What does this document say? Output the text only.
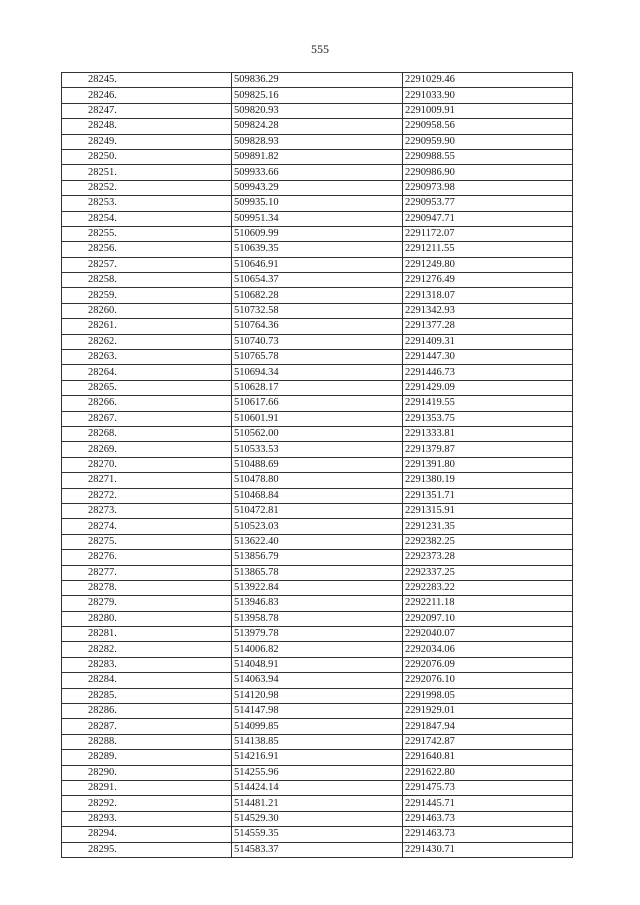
555
28245.	509836.29	2291029.46
28246.	509825.16	2291033.90
28247.	509820.93	2291009.91
28248.	509824.28	2290958.56
28249.	509828.93	2290959.90
28250.	509891.82	2290988.55
28251.	509933.66	2290986.90
28252.	509943.29	2290973.98
28253.	509935.10	2290953.77
28254.	509951.34	2290947.71
28255.	510609.99	2291172.07
28256.	510639.35	2291211.55
28257.	510646.91	2291249.80
28258.	510654.37	2291276.49
28259.	510682.28	2291318.07
28260.	510732.58	2291342.93
28261.	510764.36	2291377.28
28262.	510740.73	2291409.31
28263.	510765.78	2291447.30
28264.	510694.34	2291446.73
28265.	510628.17	2291429.09
28266.	510617.66	2291419.55
28267.	510601.91	2291353.75
28268.	510562.00	2291333.81
28269.	510533.53	2291379.87
28270.	510488.69	2291391.80
28271.	510478.80	2291380.19
28272.	510468.84	2291351.71
28273.	510472.81	2291315.91
28274.	510523.03	2291231.35
28275.	513622.40	2292382.25
28276.	513856.79	2292373.28
28277.	513865.78	2292337.25
28278.	513922.84	2292283.22
28279.	513946.83	2292211.18
28280.	513958.78	2292097.10
28281.	513979.78	2292040.07
28282.	514006.82	2292034.06
28283.	514048.91	2292076.09
28284.	514063.94	2292076.10
28285.	514120.98	2291998.05
28286.	514147.98	2291929.01
28287.	514099.85	2291847.94
28288.	514138.85	2291742.87
28289.	514216.91	2291640.81
28290.	514255.96	2291622.80
28291.	514424.14	2291475.73
28292.	514481.21	2291445.71
28293.	514529.30	2291463.73
28294.	514559.35	2291463.73
28295.	514583.37	2291430.71
